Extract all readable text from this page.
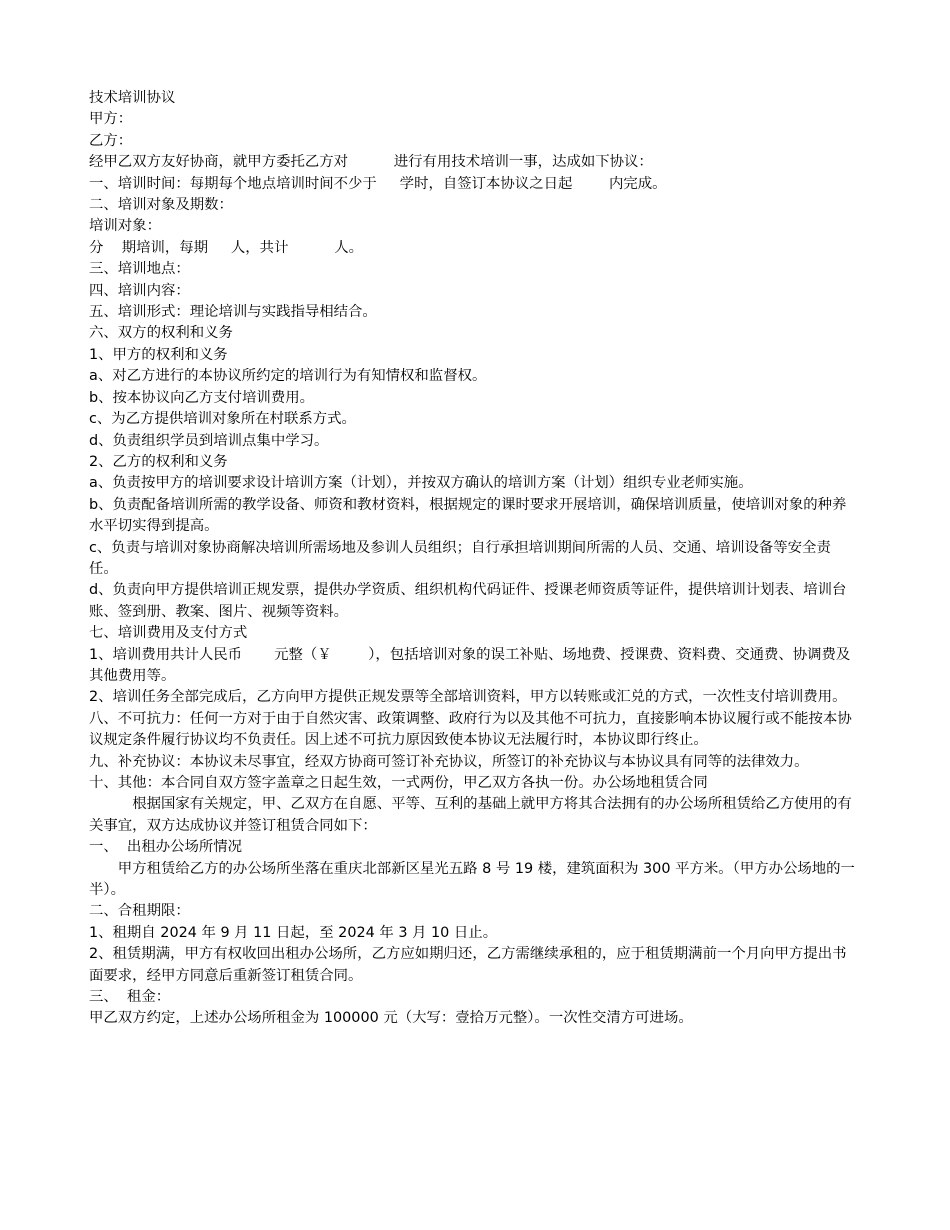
技术培训协议

甲方：

乙方：

经甲乙双方友好协商，就甲方委托乙方对          进行有用技术培训一事，达成如下协议：

一、培训时间：每期每个地点培训时间不少于     学时，自签订本协议之日起        内完成。

二、培训对象及期数：

培训对象：

分    期培训，每期     人，共计          人。

三、培训地点：

四、培训内容：

五、培训形式：理论培训与实践指导相结合。

六、双方的权利和义务

1、甲方的权利和义务

a、对乙方进行的本协议所约定的培训行为有知情权和监督权。

b、按本协议向乙方支付培训费用。

c、为乙方提供培训对象所在村联系方式。

d、负责组织学员到培训点集中学习。

2、乙方的权利和义务

a、负责按甲方的培训要求设计培训方案（计划），并按双方确认的培训方案（计划）组织专业老师实施。

b、负责配备培训所需的教学设备、师资和教材资料，根据规定的课时要求开展培训，确保培训质量，使培训对象的种养水平切实得到提高。

c、负责与培训对象协商解决培训所需场地及参训人员组织；自行承担培训期间所需的人员、交通、培训设备等安全责任。

d、负责向甲方提供培训正规发票，提供办学资质、组织机构代码证件、授课老师资质等证件，提供培训计划表、培训台账、签到册、教案、图片、视频等资料。

七、培训费用及支付方式

1、培训费用共计人民币       元整（￥        ），包括培训对象的误工补贴、场地费、授课费、资料费、交通费、协调费及其他费用等。

2、培训任务全部完成后，乙方向甲方提供正规发票等全部培训资料，甲方以转账或汇兑的方式，一次性支付培训费用。

八、不可抗力：任何一方对于由于自然灾害、政策调整、政府行为以及其他不可抗力，直接影响本协议履行或不能按本协议规定条件履行协议均不负责任。因上述不可抗力原因致使本协议无法履行时，本协议即行终止。

九、补充协议：本协议未尽事宜，经双方协商可签订补充协议，所签订的补充协议与本协议具有同等的法律效力。

十、其他：本合同自双方签字盖章之日起生效，一式两份，甲乙双方各执一份。办公场地租赁合同

根据国家有关规定，甲、乙双方在自愿、平等、互利的基础上就甲方将其合法拥有的办公场所租赁给乙方使用的有关事宜，双方达成协议并签订租赁合同如下：

一、  出租办公场所情况

甲方租赁给乙方的办公场所坐落在重庆北部新区星光五路 8 号 19 楼，建筑面积为 300 平方米。（甲方办公场地的一半）。

二、合租期限：

1、租期自 2024 年 9 月 11 日起，至 2024 年 3 月 10 日止。

2、租赁期满，甲方有权收回出租办公场所，乙方应如期归还，乙方需继续承租的，应于租赁期满前一个月向甲方提出书面要求，经甲方同意后重新签订租赁合同。

三、  租金：

甲乙双方约定，上述办公场所租金为 100000 元（大写：壹拾万元整）。一次性交清方可进场。
